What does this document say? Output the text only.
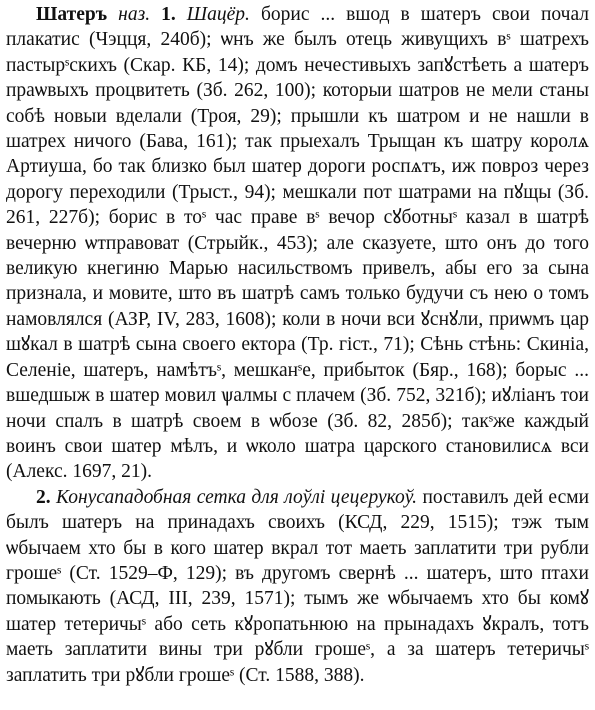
Шатеръ наз. 1. Шацёр. борис ... вшод в шатеръ свои почал плакатис (Чэцця, 240б); ѡнъ же былъ отець живущихъ вˢ шатрехъ пастырˢскихъ (Скар. КБ, 14); домъ нечестивыхъ запꙋстѣеть а шатеръ праѡвыхъ процвитеть (Зб. 262, 100); которыи шатров не мели станы собѣ новыи вделали (Троя, 29); прышли къ шатром и не нашли в шатрех ничого (Бава, 161); так прыехалъ Трыщан къ шатру королѧ Артиуша, бо так близко был шатер дороги роспѧтъ, иж повроз через дорогу переходили (Трыст., 94); мешкали пот шатрами на пꙋщы (Зб. 261, 227б); борис в тоˢ час праве вˢ вечор сꙋботныˢ казал в шатрѣ вечерню ѡтправоват (Стрыйк., 453); але сказуете, што онъ до того великую кнегиню Марью насильствомъ привелъ, абы его за сына признала, и мовите, што въ шатрѣ самъ только будучи съ нею о томъ намовлялся (АЗР, IV, 283, 1608); коли в ночи вси ꙋснꙋли, приѡмъ цар шꙋкал в шатрѣ сына своего ектора (Тр. гіст., 71); Сѣнь стѣнь: Скиніа, Селеніе, шатеръ, намѣтъˢ, мешканˢе, прибыток (Бяр., 168); борыс ... вшедшыж в шатер мовил ѱалмы с плачем (Зб. 752, 321б); иꙋліанъ тои ночи спалъ в шатрѣ своем в ѡбозе (Зб. 82, 285б); такˢже каждый воинъ свои шатер мѣлъ, и ѡколо шатра царского становилисѧ вси (Алекс. 1697, 21).

2. Конусападобная сетка для лоўлі цецерукоў. поставилъ дей есми былъ шатеръ на принадахъ своихъ (КСД, 229, 1515); тэж тым ѡбычаем хто бы в кого шатер вкрал тот маеть заплатити три рубли грошеˢ (Ст. 1529–Ф, 129); въ другомъ свернѣ ... шатеръ, што птахи помыкають (АСД, III, 239, 1571); тымъ же ѡбычаемъ хто бы комꙋ шатер тетеричыˢ або сеть кꙋропатьнюю на прынадахъ ꙋкралъ, тотъ маеть заплатити вины три рꙋбли грошеˢ, а за шатеръ тетеричыˢ заплатить три рꙋбли грошеˢ (Ст. 1588, 388).
